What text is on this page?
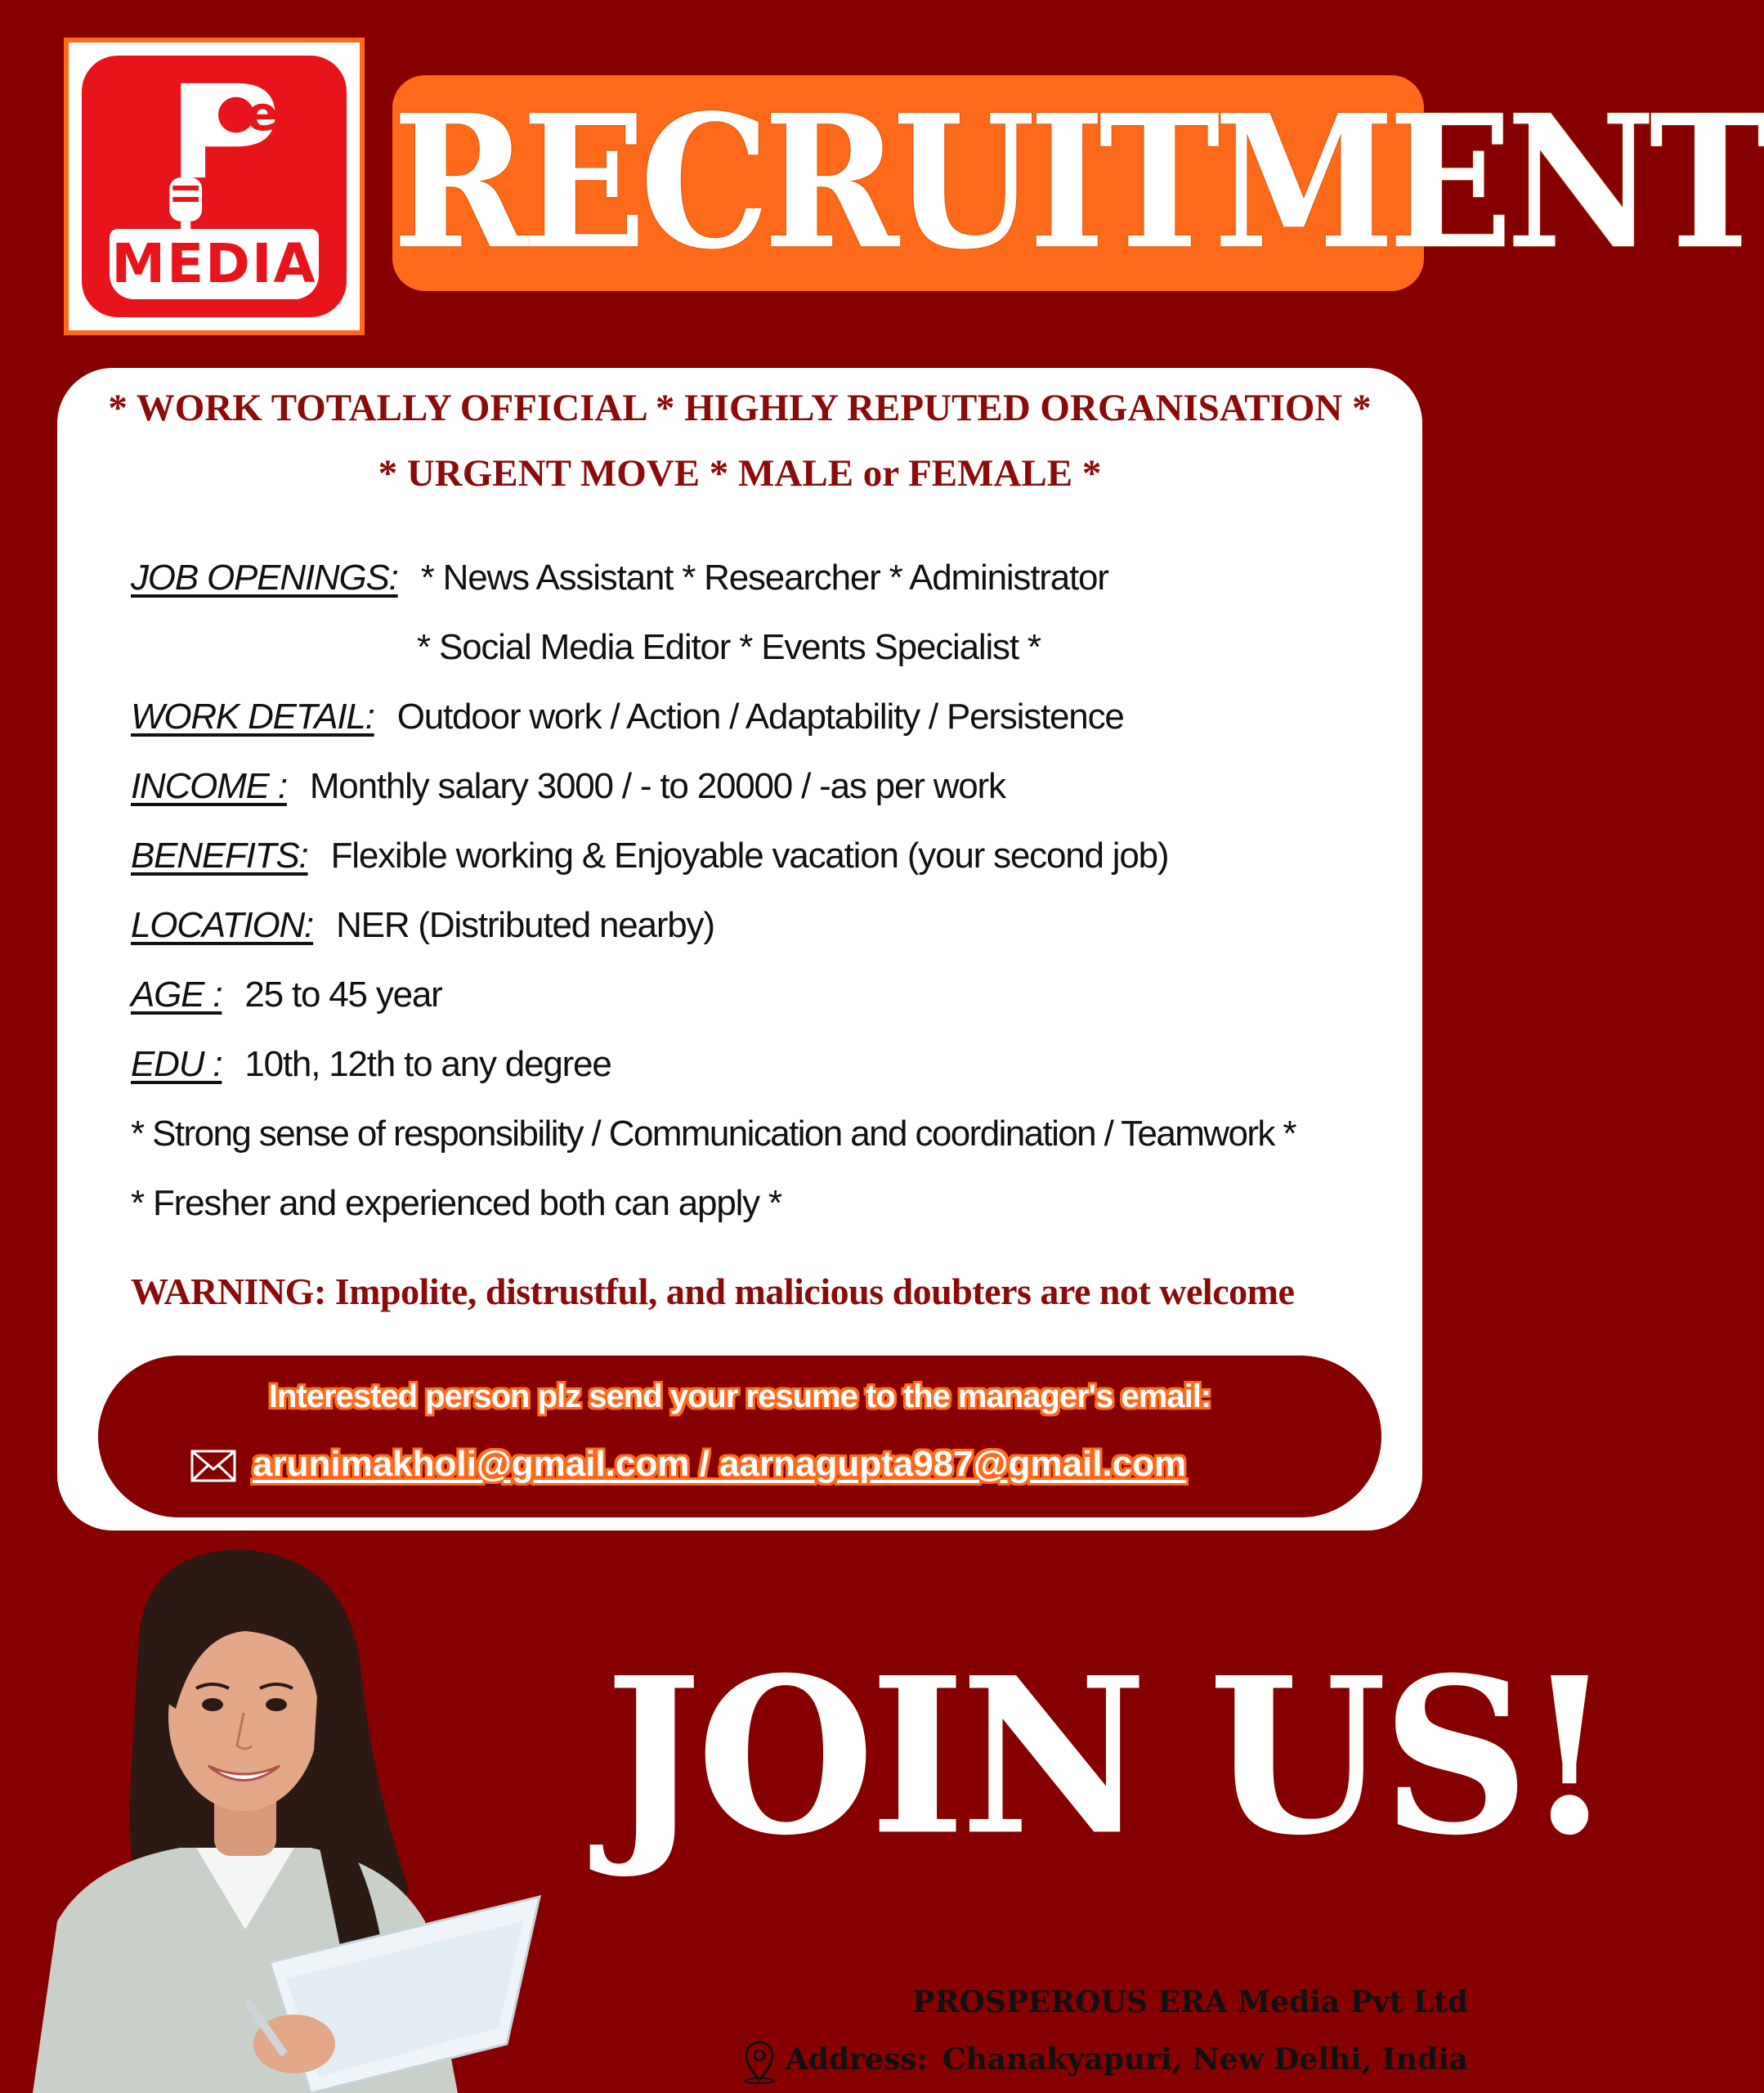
e
MEDIA RECRUITMENT
* WORK TOTALLY OFFICIAL * HIGHLY REPUTED ORGANISATION *
* URGENT MOVE * MALE or FEMALE *
JOB OPENINGS: * News Assistant * Researcher * Administrator
* Social Media Editor * Events Specialist *
WORK DETAIL: Outdoor work / Action / Adaptability / Persistence
INCOME : Monthly salary 3000 / - to 20000 / -as per work
BENEFITS: Flexible working & Enjoyable vacation (your second job)
LOCATION: NER (Distributed nearby)
AGE : 25 to 45 year
EDU : 10th, 12th to any degree
* Strong sense of responsibility / Communication and coordination / Teamwork *
* Fresher and experienced both can apply *
WARNING: Impolite, distrustful, and malicious doubters are not welcome
Interested person plz send your resume to the manager's email:
arunimakholi@gmail.com / aarnagupta987@gmail.com
JOIN US!
PROSPEROUS ERA Media Pvt Ltd
Address: Chanakyapuri, New Delhi, India
